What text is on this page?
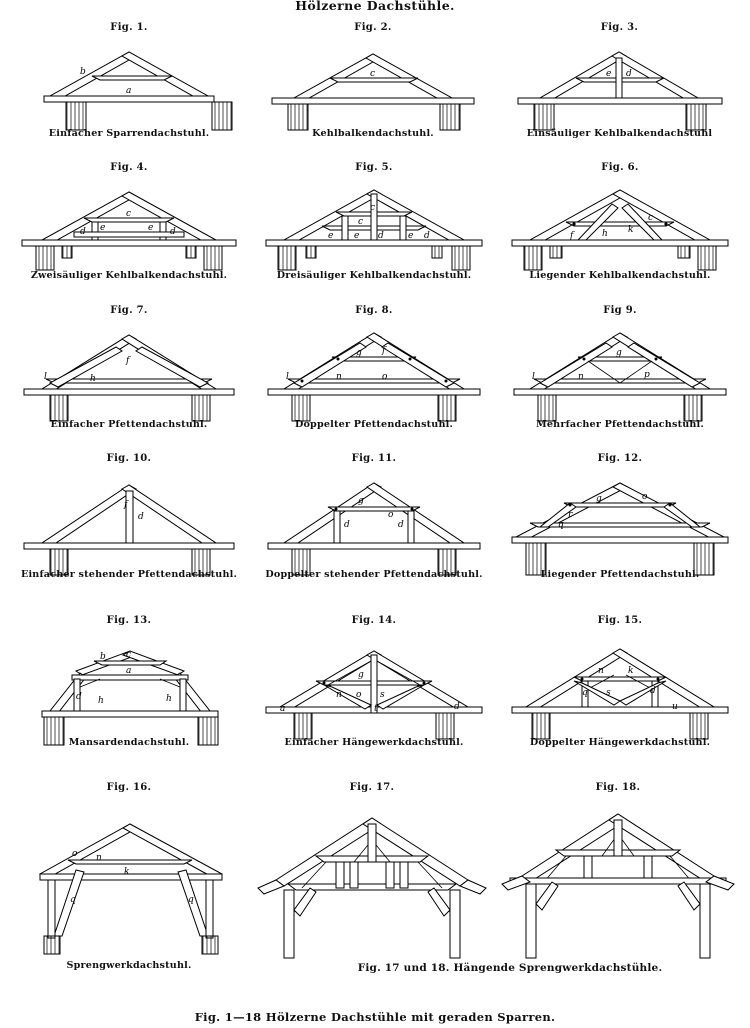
Hölzerne Dachstühle.
Fig. 1.
b
a
Einfacher Sparrendachstuhl.
Fig. 2.
c
Kehlbalkendachstuhl.
Fig. 3.
e d
Einsäuliger Kehlbalkendachstuhl
Fig. 4.
c
d e	e d
Zweisäuliger Kehlbalkendachstuhl.
Fig. 5.
c
c
e e d	e d
Dreisäuliger Kehlbalkendachstuhl.
Fig. 6.
c
k
h
f
Liegender Kehlbalkendachstuhl.
Fig. 7.
f
l	h
Einfacher Pfettendachstuhl.
Fig. 8.
g f
l	n	o
Doppelter Pfettendachstuhl.
Fig 9.
g
l	n	p
Mehrfacher Pfettendachstuhl.
Fig. 10.
f
d
Einfacher stehender Pfettendachstuhl.
Fig. 11.
g
o
d	d
Doppelter stehender Pfettendachstuhl.
Fig. 12.
g	o
r
q
Liegender Pfettendachstuhl.
Fig. 13.
b c
a
d h	h
Mansardendachstuhl.
Fig. 14.
g
n o s
t
a	d
Einfacher Hängewerkdachstuhl.
Fig. 15.
n	k
q s	d
u
Doppelter Hängewerkdachstuhl.
Fig. 16.
o n
k
q	q
Sprengwerkdachstuhl.
Fig. 17.	Fig. 18.
Fig. 17 und 18. Hängende Sprengwerkdachstühle.
Fig. 1—18 Hölzerne Dachstühle mit geraden Sparren.
